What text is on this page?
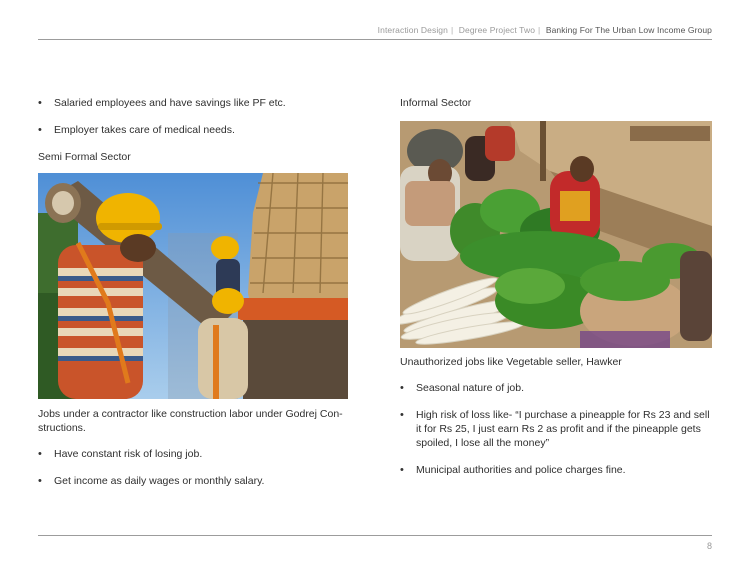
Interaction Design | Degree Project Two | Banking For The Urban Low Income Group
• Salaried employees and have savings like PF etc.
• Employer takes care of medical needs.
Semi Formal Sector
Jobs under a contractor like construction labor under Godrej Con-structions.
• Have constant risk of losing job.
• Get income as daily wages or monthly salary.
Informal Sector
Unauthorized jobs like Vegetable seller, Hawker
• Seasonal nature of job.
• High risk of loss like- “I purchase a pineapple for Rs 23 and sell it for Rs 25, I just earn Rs 2 as profit and if the pineapple gets spoiled, I lose all the money”
• Municipal authorities and police charges fine.
8
